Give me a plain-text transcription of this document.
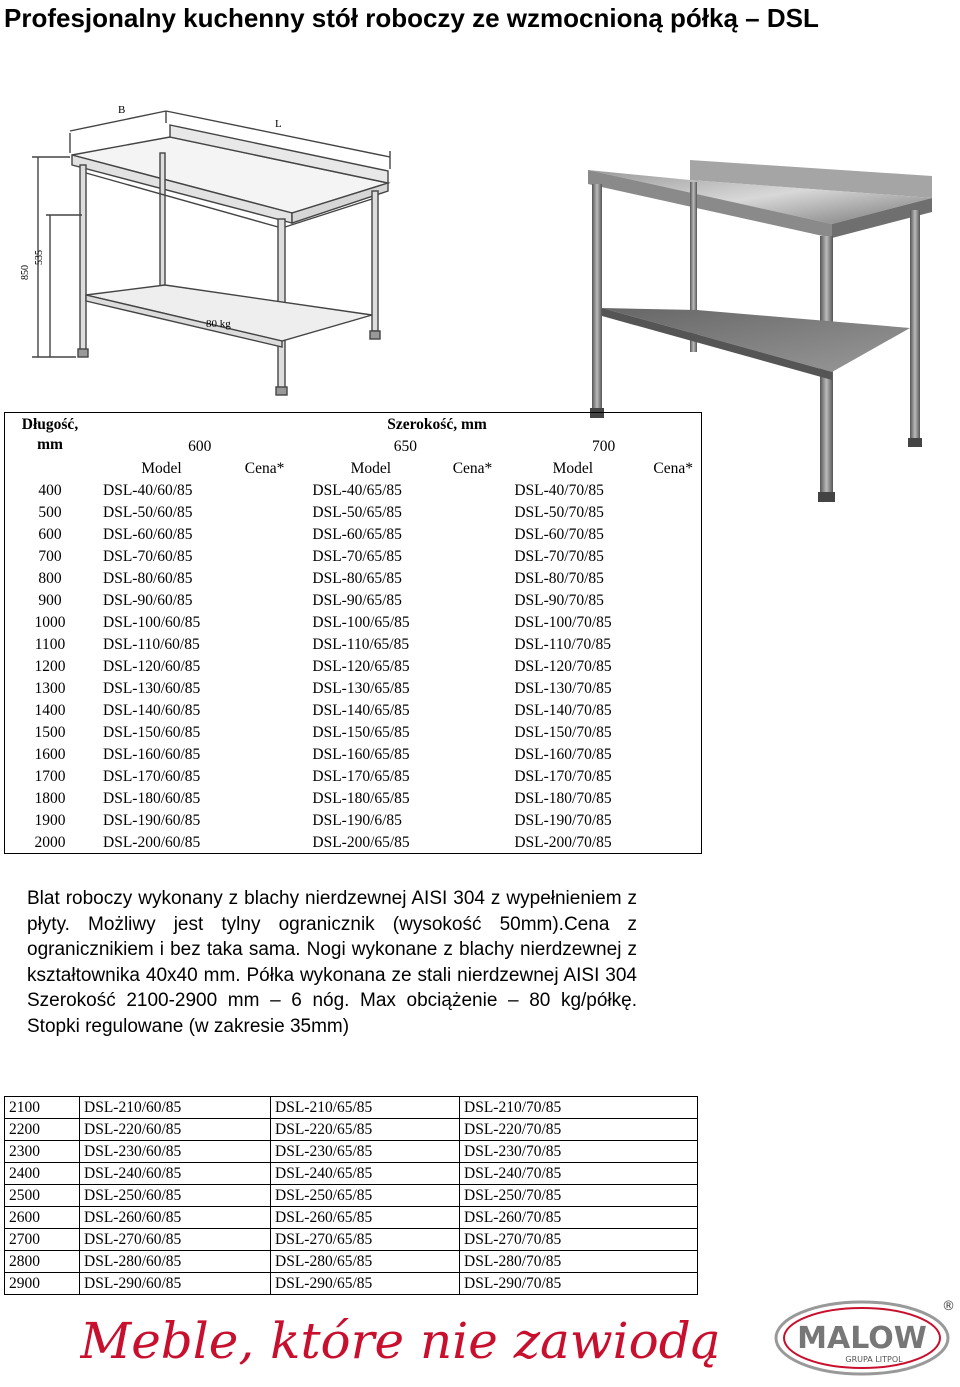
Profesjonalny kuchenny stół roboczy ze wzmocnioną półką – DSL
B
L
850
535
80 kg
Długość, mm	Szerokość, mm					
	600		650		700	
	Model	Cena*	Model	Cena*	Model	Cena*
400	DSL-40/60/85		DSL-40/65/85		DSL-40/70/85	
500	DSL-50/60/85		DSL-50/65/85		DSL-50/70/85	
600	DSL-60/60/85		DSL-60/65/85		DSL-60/70/85	
700	DSL-70/60/85		DSL-70/65/85		DSL-70/70/85	
800	DSL-80/60/85		DSL-80/65/85		DSL-80/70/85	
900	DSL-90/60/85		DSL-90/65/85		DSL-90/70/85	
1000	DSL-100/60/85		DSL-100/65/85		DSL-100/70/85	
1100	DSL-110/60/85		DSL-110/65/85		DSL-110/70/85	
1200	DSL-120/60/85		DSL-120/65/85		DSL-120/70/85	
1300	DSL-130/60/85		DSL-130/65/85		DSL-130/70/85	
1400	DSL-140/60/85		DSL-140/65/85		DSL-140/70/85	
1500	DSL-150/60/85		DSL-150/65/85		DSL-150/70/85	
1600	DSL-160/60/85		DSL-160/65/85		DSL-160/70/85	
1700	DSL-170/60/85		DSL-170/65/85		DSL-170/70/85	
1800	DSL-180/60/85		DSL-180/65/85		DSL-180/70/85	
1900	DSL-190/60/85		DSL-190/6/85		DSL-190/70/85	
2000	DSL-200/60/85		DSL-200/65/85		DSL-200/70/85	
Blat roboczy wykonany z blachy nierdzewnej AISI 304 z wypełnieniem z płyty. Możliwy jest tylny ogranicznik (wysokość 50mm).Cena z ogranicznikiem i bez taka sama. Nogi wykonane z blachy nierdzewnej z kształtownika 40x40 mm. Półka wykonana ze stali nierdzewnej AISI 304 Szerokość 2100-2900 mm – 6 nóg. Max obciążenie – 80 kg/półkę. Stopki regulowane (w zakresie 35mm)
2100	DSL-210/60/85	DSL-210/65/85	DSL-210/70/85
2200	DSL-220/60/85	DSL-220/65/85	DSL-220/70/85
2300	DSL-230/60/85	DSL-230/65/85	DSL-230/70/85
2400	DSL-240/60/85	DSL-240/65/85	DSL-240/70/85
2500	DSL-250/60/85	DSL-250/65/85	DSL-250/70/85
2600	DSL-260/60/85	DSL-260/65/85	DSL-260/70/85
2700	DSL-270/60/85	DSL-270/65/85	DSL-270/70/85
2800	DSL-280/60/85	DSL-280/65/85	DSL-280/70/85
2900	DSL-290/60/85	DSL-290/65/85	DSL-290/70/85
Meble, które nie zawiodą	MALOW
GRUPA LITPOL
®
